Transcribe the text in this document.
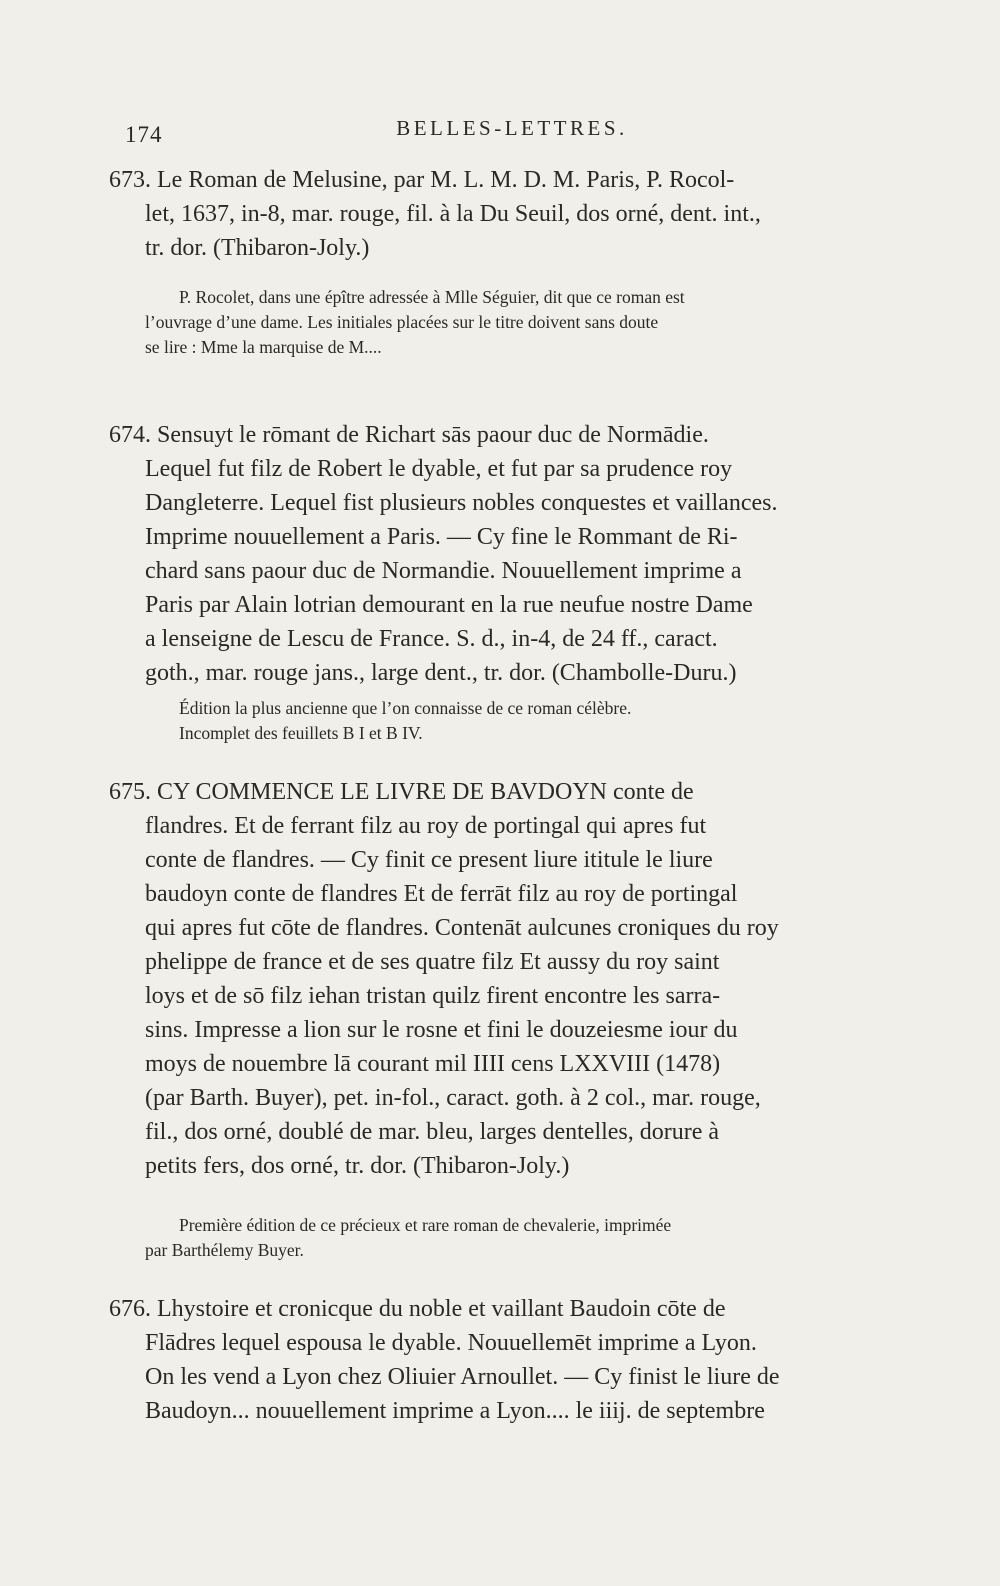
174	BELLES-LETTRES.
673. Le Roman de Melusine, par M. L. M. D. M. Paris, P. Rocol-
let, 1637, in-8, mar. rouge, fil. à la Du Seuil, dos orné, dent. int.,
tr. dor. (Thibaron-Joly.)
P. Rocolet, dans une épître adressée à Mlle Séguier, dit que ce roman est
l’ouvrage d’une dame. Les initiales placées sur le titre doivent sans doute
se lire : Mme la marquise de M....
674. Sensuyt le rōmant de Richart sās paour duc de Normādie.
Lequel fut filz de Robert le dyable, et fut par sa prudence roy
Dangleterre. Lequel fist plusieurs nobles conquestes et vaillances.
Imprime nouuellement a Paris. — Cy fine le Rommant de Ri-
chard sans paour duc de Normandie. Nouuellement imprime a
Paris par Alain lotrian demourant en la rue neufue nostre Dame
a lenseigne de Lescu de France. S. d., in-4, de 24 ff., caract.
goth., mar. rouge jans., large dent., tr. dor. (Chambolle-Duru.)
Édition la plus ancienne que l’on connaisse de ce roman célèbre.
Incomplet des feuillets B I et B IV.
675. CY COMMENCE LE LIVRE DE BAVDOYN conte de
flandres. Et de ferrant filz au roy de portingal qui apres fut
conte de flandres. — Cy finit ce present liure ititule le liure
baudoyn conte de flandres Et de ferrāt filz au roy de portingal
qui apres fut cōte de flandres. Contenāt aulcunes croniques du roy
phelippe de france et de ses quatre filz Et aussy du roy saint
loys et de sō filz iehan tristan quilz firent encontre les sarra-
sins. Impresse a lion sur le rosne et fini le douzeiesme iour du
moys de nouembre lā courant mil IIII cens LXXVIII (1478)
(par Barth. Buyer), pet. in-fol., caract. goth. à 2 col., mar. rouge,
fil., dos orné, doublé de mar. bleu, larges dentelles, dorure à
petits fers, dos orné, tr. dor. (Thibaron-Joly.)
Première édition de ce précieux et rare roman de chevalerie, imprimée
par Barthélemy Buyer.
676. Lhystoire et cronicque du noble et vaillant Baudoin cōte de
Flādres lequel espousa le dyable. Nouuellemēt imprime a Lyon.
On les vend a Lyon chez Oliuier Arnoullet. — Cy finist le liure de
Baudoyn... nouuellement imprime a Lyon.... le iiij. de septembre
